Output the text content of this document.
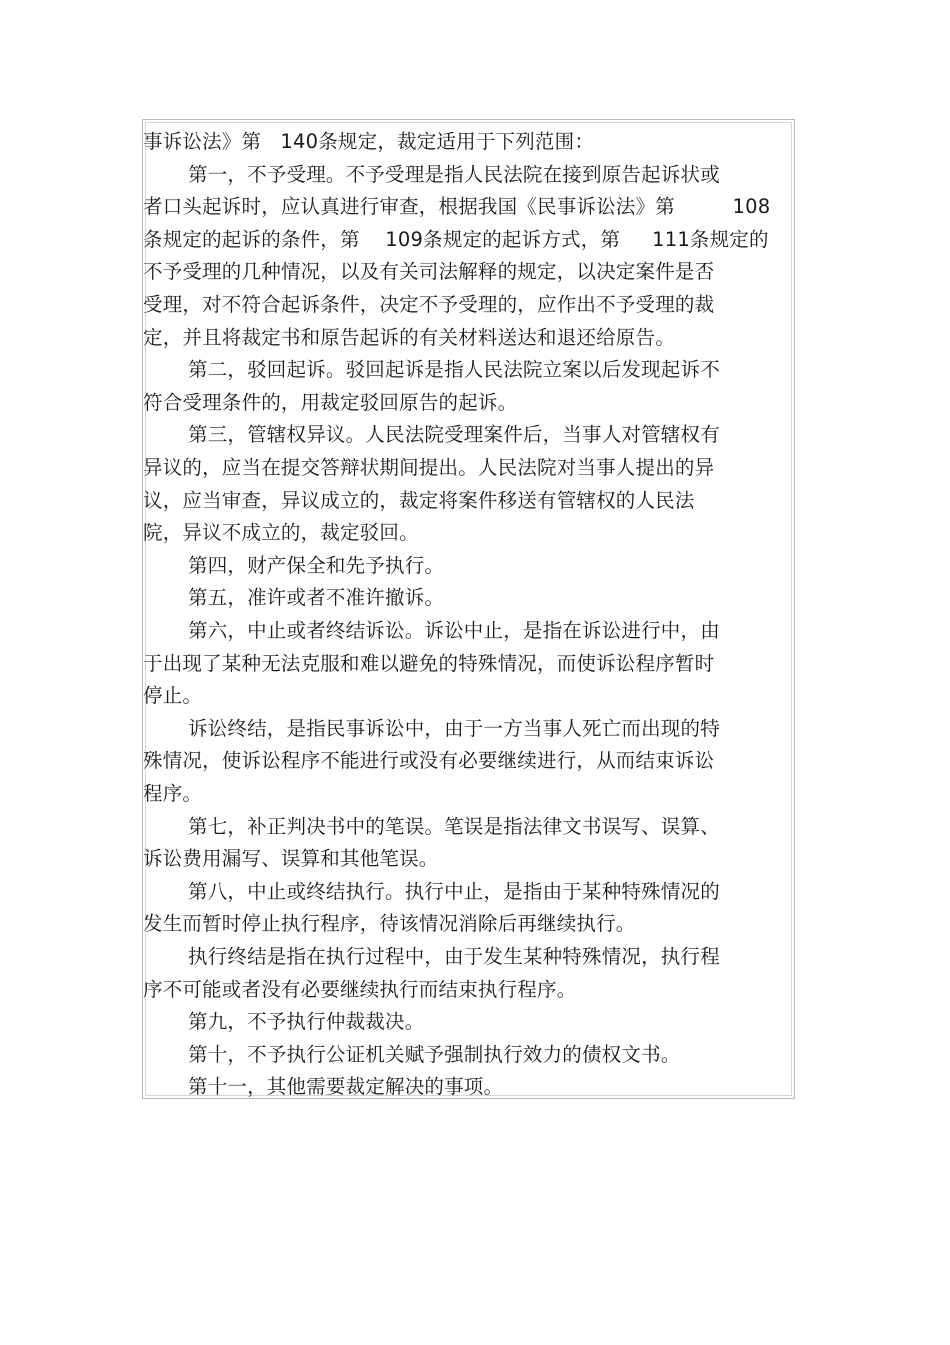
事诉讼法》第   140条规定，裁定适用于下列范围：
第一，不予受理。不予受理是指人民法院在接到原告起诉状或
者口头起诉时，应认真进行审查，根据我国《民事诉讼法》第         108
条规定的起诉的条件，第    109条规定的起诉方式，第     111条规定的
不予受理的几种情况，以及有关司法解释的规定，以决定案件是否
受理，对不符合起诉条件，决定不予受理的，应作出不予受理的裁
定，并且将裁定书和原告起诉的有关材料送达和退还给原告。
第二，驳回起诉。驳回起诉是指人民法院立案以后发现起诉不
符合受理条件的，用裁定驳回原告的起诉。
第三，管辖权异议。人民法院受理案件后，当事人对管辖权有
异议的，应当在提交答辩状期间提出。人民法院对当事人提出的异
议，应当审查，异议成立的，裁定将案件移送有管辖权的人民法
院，异议不成立的，裁定驳回。
第四，财产保全和先予执行。
第五，准许或者不准许撤诉。
第六，中止或者终结诉讼。诉讼中止，是指在诉讼进行中，由
于出现了某种无法克服和难以避免的特殊情况，而使诉讼程序暂时
停止。
诉讼终结，是指民事诉讼中，由于一方当事人死亡而出现的特
殊情况，使诉讼程序不能进行或没有必要继续进行，从而结束诉讼
程序。
第七，补正判决书中的笔误。笔误是指法律文书误写、误算、
诉讼费用漏写、误算和其他笔误。
第八，中止或终结执行。执行中止，是指由于某种特殊情况的
发生而暂时停止执行程序，待该情况消除后再继续执行。
执行终结是指在执行过程中，由于发生某种特殊情况，执行程
序不可能或者没有必要继续执行而结束执行程序。
第九，不予执行仲裁裁决。
第十，不予执行公证机关赋予强制执行效力的债权文书。
第十一，其他需要裁定解决的事项。
